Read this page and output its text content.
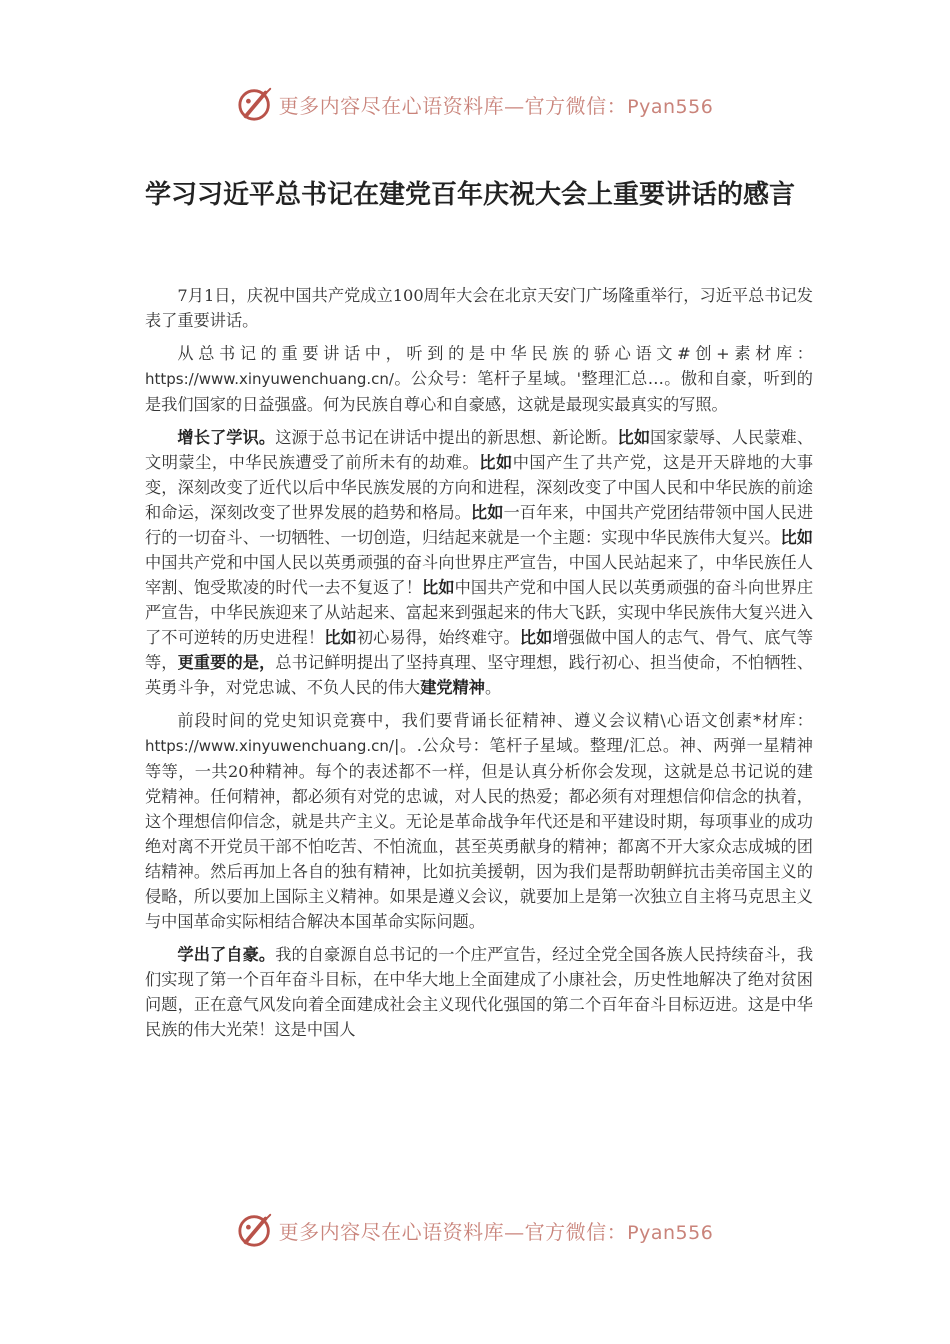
更多内容尽在心语资料库—官方微信：Pyan556
学习习近平总书记在建党百年庆祝大会上重要讲话的感言

7月1日，庆祝中国共产党成立100周年大会在北京天安门广场隆重举行，习近平总书记发表了重要讲话。

从总书记的重要讲话中，听到的是中华民族的骄心语文#创+素材库：https://www.xinyuwenchuang.cn/。公众号：笔杆子星域。'整理汇总…。傲和自豪，听到的是我们国家的日益强盛。何为民族自尊心和自豪感，这就是最现实最真实的写照。

增长了学识。这源于总书记在讲话中提出的新思想、新论断。比如国家蒙辱、人民蒙难、文明蒙尘，中华民族遭受了前所未有的劫难。比如中国产生了共产党，这是开天辟地的大事变，深刻改变了近代以后中华民族发展的方向和进程，深刻改变了中国人民和中华民族的前途和命运，深刻改变了世界发展的趋势和格局。比如一百年来，中国共产党团结带领中国人民进行的一切奋斗、一切牺牲、一切创造，归结起来就是一个主题：实现中华民族伟大复兴。比如中国共产党和中国人民以英勇顽强的奋斗向世界庄严宣告，中国人民站起来了，中华民族任人宰割、饱受欺凌的时代一去不复返了！比如中国共产党和中国人民以英勇顽强的奋斗向世界庄严宣告，中华民族迎来了从站起来、富起来到强起来的伟大飞跃，实现中华民族伟大复兴进入了不可逆转的历史进程！比如初心易得，始终难守。比如增强做中国人的志气、骨气、底气等等，更重要的是，总书记鲜明提出了坚持真理、坚守理想，践行初心、担当使命，不怕牺牲、英勇斗争，对党忠诚、不负人民的伟大建党精神。

前段时间的党史知识竞赛中，我们要背诵长征精神、遵义会议精\心语文创素*材库：https://www.xinyuwenchuang.cn/|。.公众号：笔杆子星域。整理/汇总。神、两弹一星精神等等，一共20种精神。每个的表述都不一样，但是认真分析你会发现，这就是总书记说的建党精神。任何精神，都必须有对党的忠诚，对人民的热爱；都必须有对理想信仰信念的执着，这个理想信仰信念，就是共产主义。无论是革命战争年代还是和平建设时期，每项事业的成功绝对离不开党员干部不怕吃苦、不怕流血，甚至英勇献身的精神；都离不开大家众志成城的团结精神。然后再加上各自的独有精神，比如抗美援朝，因为我们是帮助朝鲜抗击美帝国主义的侵略，所以要加上国际主义精神。如果是遵义会议，就要加上是第一次独立自主将马克思主义与中国革命实际相结合解决本国革命实际问题。

学出了自豪。我的自豪源自总书记的一个庄严宣告，经过全党全国各族人民持续奋斗，我们实现了第一个百年奋斗目标，在中华大地上全面建成了小康社会，历史性地解决了绝对贫困问题，正在意气风发向着全面建成社会主义现代化强国的第二个百年奋斗目标迈进。这是中华民族的伟大光荣！这是中国人

更多内容尽在心语资料库—官方微信：Pyan556
